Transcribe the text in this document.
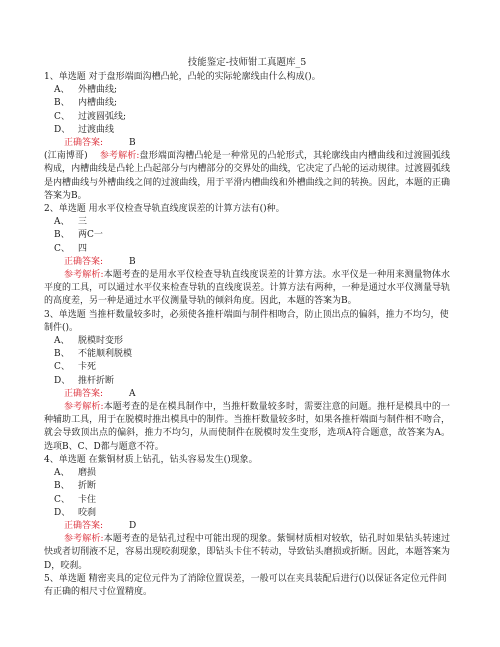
技能鉴定-技师钳工真题库_5

1、单选题 对于盘形端面沟槽凸轮，凸轮的实际轮廓线由什么构成()。

A、 外槽曲线;

B、 内槽曲线;

C、 过渡圆弧线;

D、 过渡曲线

正确答案:	B

(江南博哥) 参考解析:盘形端面沟槽凸轮是一种常见的凸轮形式，其轮廓线由内槽曲线和过渡圆弧线构成，内槽曲线是凸轮上凸起部分与内槽部分的交界处的曲线，它决定了凸轮的运动规律。过渡圆弧线是内槽曲线与外槽曲线之间的过渡曲线，用于平滑内槽曲线和外槽曲线之间的转换。因此，本题的正确答案为B。

2、单选题 用水平仪检查导轨直线度误差的计算方法有()种。

A、 三

B、 两C一

C、 四

正确答案:	B

参考解析:本题考查的是用水平仪检查导轨直线度误差的计算方法。水平仪是一种用来测量物体水平度的工具，可以通过水平仪来检查导轨的直线度误差。计算方法有两种，一种是通过水平仪测量导轨的高度差，另一种是通过水平仪测量导轨的倾斜角度。因此，本题的答案为B。

3、单选题 当推杆数量较多时，必须使各推杆端面与制件相吻合，防止顶出点的偏斜，推力不均匀，使制件()。

A、 脱模时变形

B、 不能顺利脱模

C、 卡死

D、 推杆折断

正确答案:	A

参考解析:本题考查的是在模具制作中，当推杆数量较多时，需要注意的问题。推杆是模具中的一种辅助工具，用于在脱模时推出模具中的制件。当推杆数量较多时，如果各推杆端面与制件相不吻合，就会导致顶出点的偏斜，推力不均匀，从而使制件在脱模时发生变形，选项A符合题意，故答案为A。选项B、C、D都与题意不符。

4、单选题 在紫铜材质上钻孔，钻头容易发生()现象。

A、 磨损

B、 折断

C、 卡住

D、 咬刹

正确答案:	D

参考解析:本题考查的是钻孔过程中可能出现的现象。紫铜材质相对较软，钻孔时如果钻头转速过快或者切削液不足，容易出现咬刹现象，即钻头卡住不转动，导致钻头磨损或折断。因此，本题答案为D，咬刹。

5、单选题 精密夹具的定位元件为了消除位置误差，一般可以在夹具装配后进行()以保证各定位元件间有正确的相尺寸位置精度。
